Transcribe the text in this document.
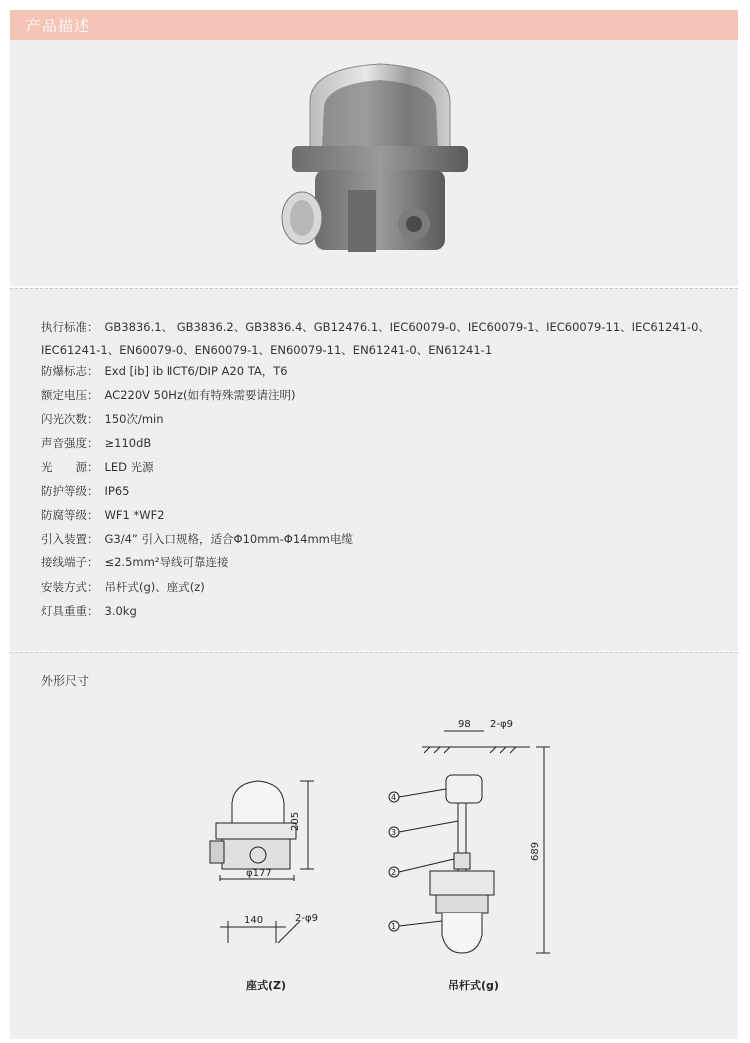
产品描述
执行标准： GB3836.1、 GB3836.2、GB3836.4、GB12476.1、IEC60079-0、IEC60079-1、IEC60079-11、IEC61241-0、
IEC61241-1、EN60079-0、EN60079-1、EN60079-11、EN61241-0、EN61241-1
防爆标志： Exd [ib] ib ⅡCT6/DIP A20 TA，T6
额定电压： AC220V 50Hz(如有特殊需要请注明)
闪光次数： 150次/min
声音强度： ≥110dB
光　　源： LED 光源
防护等级： IP65
防腐等级： WF1 *WF2
引入装置： G3/4” 引入口规格，适合Φ10mm-Φ14mm电缆
接线端子： ≤2.5mm²导线可靠连接
安装方式： 吊杆式(g)、座式(z)
灯具重重： 3.0kg
外形尺寸
205
φ177
140	2-φ9
座式(Z)
98 2-φ9
689
4
3
2
1
吊杆式(g)
